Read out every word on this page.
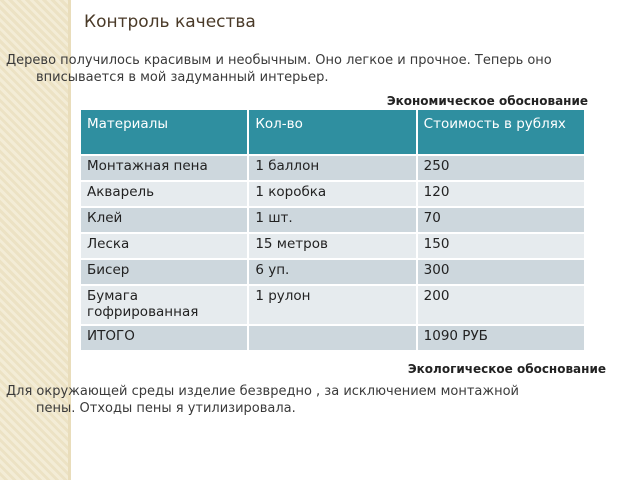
Контроль качества
Дерево получилось красивым и необычным. Оно легкое и прочное. Теперь оно
вписывается в мой задуманный интерьер.
Экономическое обоснование
Материалы	Кол-во	Стоимость в рублях
Монтажная пена	1 баллон	250
Акварель	1 коробка	120
Клей	1 шт.	70
Леска	15 метров	150
Бисер	6 уп.	300
Бумага гофрированная	1 рулон	200
ИТОГО		1090 РУБ
Экологическое обоснование
Для окружающей среды изделие безвредно , за исключением монтажной
пены. Отходы пены я утилизировала.
